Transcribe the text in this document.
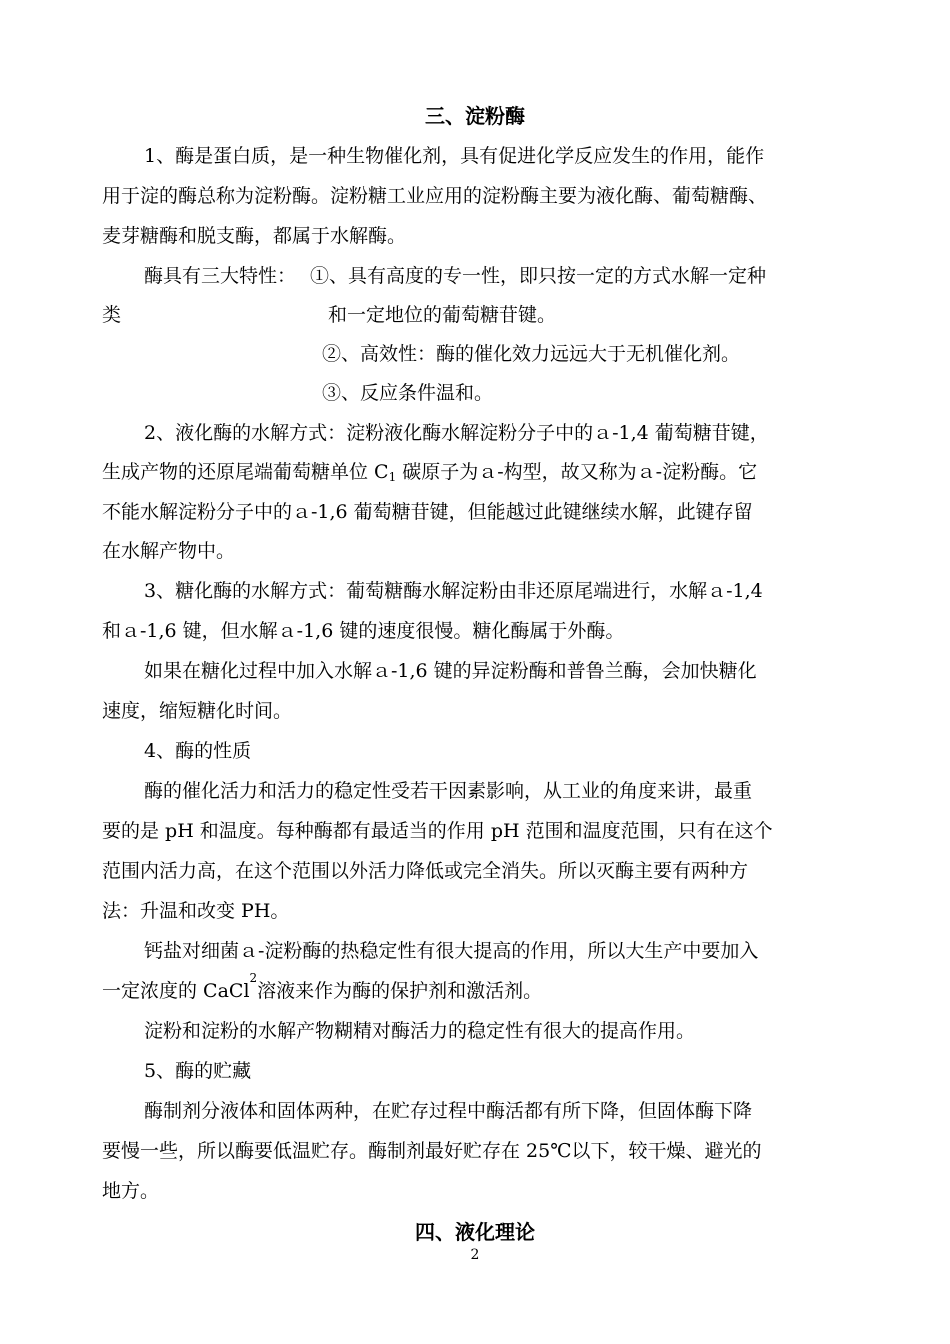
三、淀粉酶
1、酶是蛋白质，是一种生物催化剂，具有促进化学反应发生的作用，能作
用于淀的酶总称为淀粉酶。淀粉糖工业应用的淀粉酶主要为液化酶、葡萄糖酶、
麦芽糖酶和脱支酶，都属于水解酶。
酶具有三大特性： ①、具有高度的专一性，即只按一定的方式水解一定种
类	和一定地位的葡萄糖苷键。
②、高效性：酶的催化效力远远大于无机催化剂。
③、反应条件温和。
2、液化酶的水解方式：淀粉液化酶水解淀粉分子中的ａ-1,4 葡萄糖苷键，
生成产物的还原尾端葡萄糖单位 $C_1$ 碳原子为ａ-构型，故又称为ａ-淀粉酶。它
不能水解淀粉分子中的ａ-1,6 葡萄糖苷键，但能越过此键继续水解，此键存留
在水解产物中。
3、糖化酶的水解方式：葡萄糖酶水解淀粉由非还原尾端进行，水解ａ-1,4
和ａ-1,6 键，但水解ａ-1,6 键的速度很慢。糖化酶属于外酶。
如果在糖化过程中加入水解ａ-1,6 键的异淀粉酶和普鲁兰酶，会加快糖化
速度，缩短糖化时间。
4、酶的性质
酶的催化活力和活力的稳定性受若干因素影响，从工业的角度来讲，最重
要的是 pH 和温度。每种酶都有最适当的作用 pH 范围和温度范围，只有在这个
范围内活力高，在这个范围以外活力降低或完全消失。所以灭酶主要有两种方
法：升温和改变 PH。
钙盐对细菌ａ-淀粉酶的热稳定性有很大提高的作用，所以大生产中要加入
一定浓度的 CaCl
2
溶液来作为酶的保护剂和激活剂。
淀粉和淀粉的水解产物糊精对酶活力的稳定性有很大的提高作用。
5、酶的贮藏
酶制剂分液体和固体两种，在贮存过程中酶活都有所下降，但固体酶下降
要慢一些，所以酶要低温贮存。酶制剂最好贮存在 25℃以下，较干燥、避光的
地方。
四、液化理论
2
